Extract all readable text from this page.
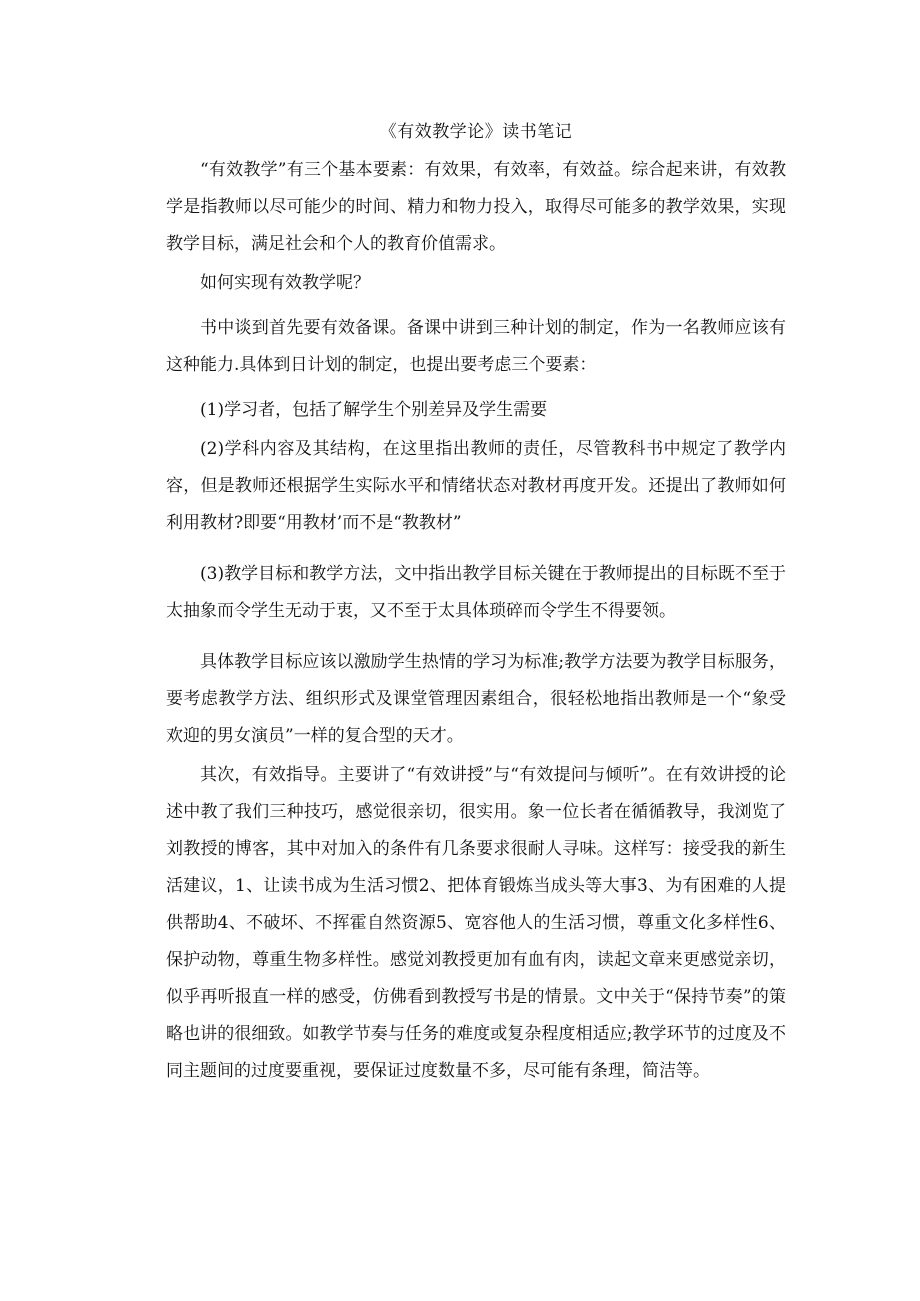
《有效教学论》读书笔记

“有效教学”有三个基本要素：有效果，有效率，有效益。综合起来讲，有效教学是指教师以尽可能少的时间、精力和物力投入，取得尽可能多的教学效果，实现教学目标，满足社会和个人的教育价值需求。

如何实现有效教学呢？

书中谈到首先要有效备课。备课中讲到三种计划的制定，作为一名教师应该有这种能力.具体到日计划的制定，也提出要考虑三个要素：

(1)学习者，包括了解学生个别差异及学生需要

(2)学科内容及其结构，在这里指出教师的责任，尽管教科书中规定了教学内容，但是教师还根据学生实际水平和情绪状态对教材再度开发。还提出了教师如何利用教材?即要“用教材’而不是“教教材”

(3)教学目标和教学方法，文中指出教学目标关键在于教师提出的目标既不至于太抽象而令学生无动于衷，又不至于太具体琐碎而令学生不得要领。

具体教学目标应该以激励学生热情的学习为标准;教学方法要为教学目标服务，要考虑教学方法、组织形式及课堂管理因素组合，很轻松地指出教师是一个“象受欢迎的男女演员”一样的复合型的天才。

其次，有效指导。主要讲了“有效讲授”与“有效提问与倾听”。在有效讲授的论述中教了我们三种技巧，感觉很亲切，很实用。象一位长者在循循教导，我浏览了刘教授的博客，其中对加入的条件有几条要求很耐人寻味。这样写：接受我的新生活建议，1、让读书成为生活习惯2、把体育锻炼当成头等大事3、为有困难的人提供帮助4、不破坏、不挥霍自然资源5、宽容他人的生活习惯，尊重文化多样性6、保护动物，尊重生物多样性。感觉刘教授更加有血有肉，读起文章来更感觉亲切，似乎再听报直一样的感受，仿佛看到教授写书是的情景。文中关于“保持节奏”的策略也讲的很细致。如教学节奏与任务的难度或复杂程度相适应;教学环节的过度及不同主题间的过度要重视，要保证过度数量不多，尽可能有条理，简洁等。
